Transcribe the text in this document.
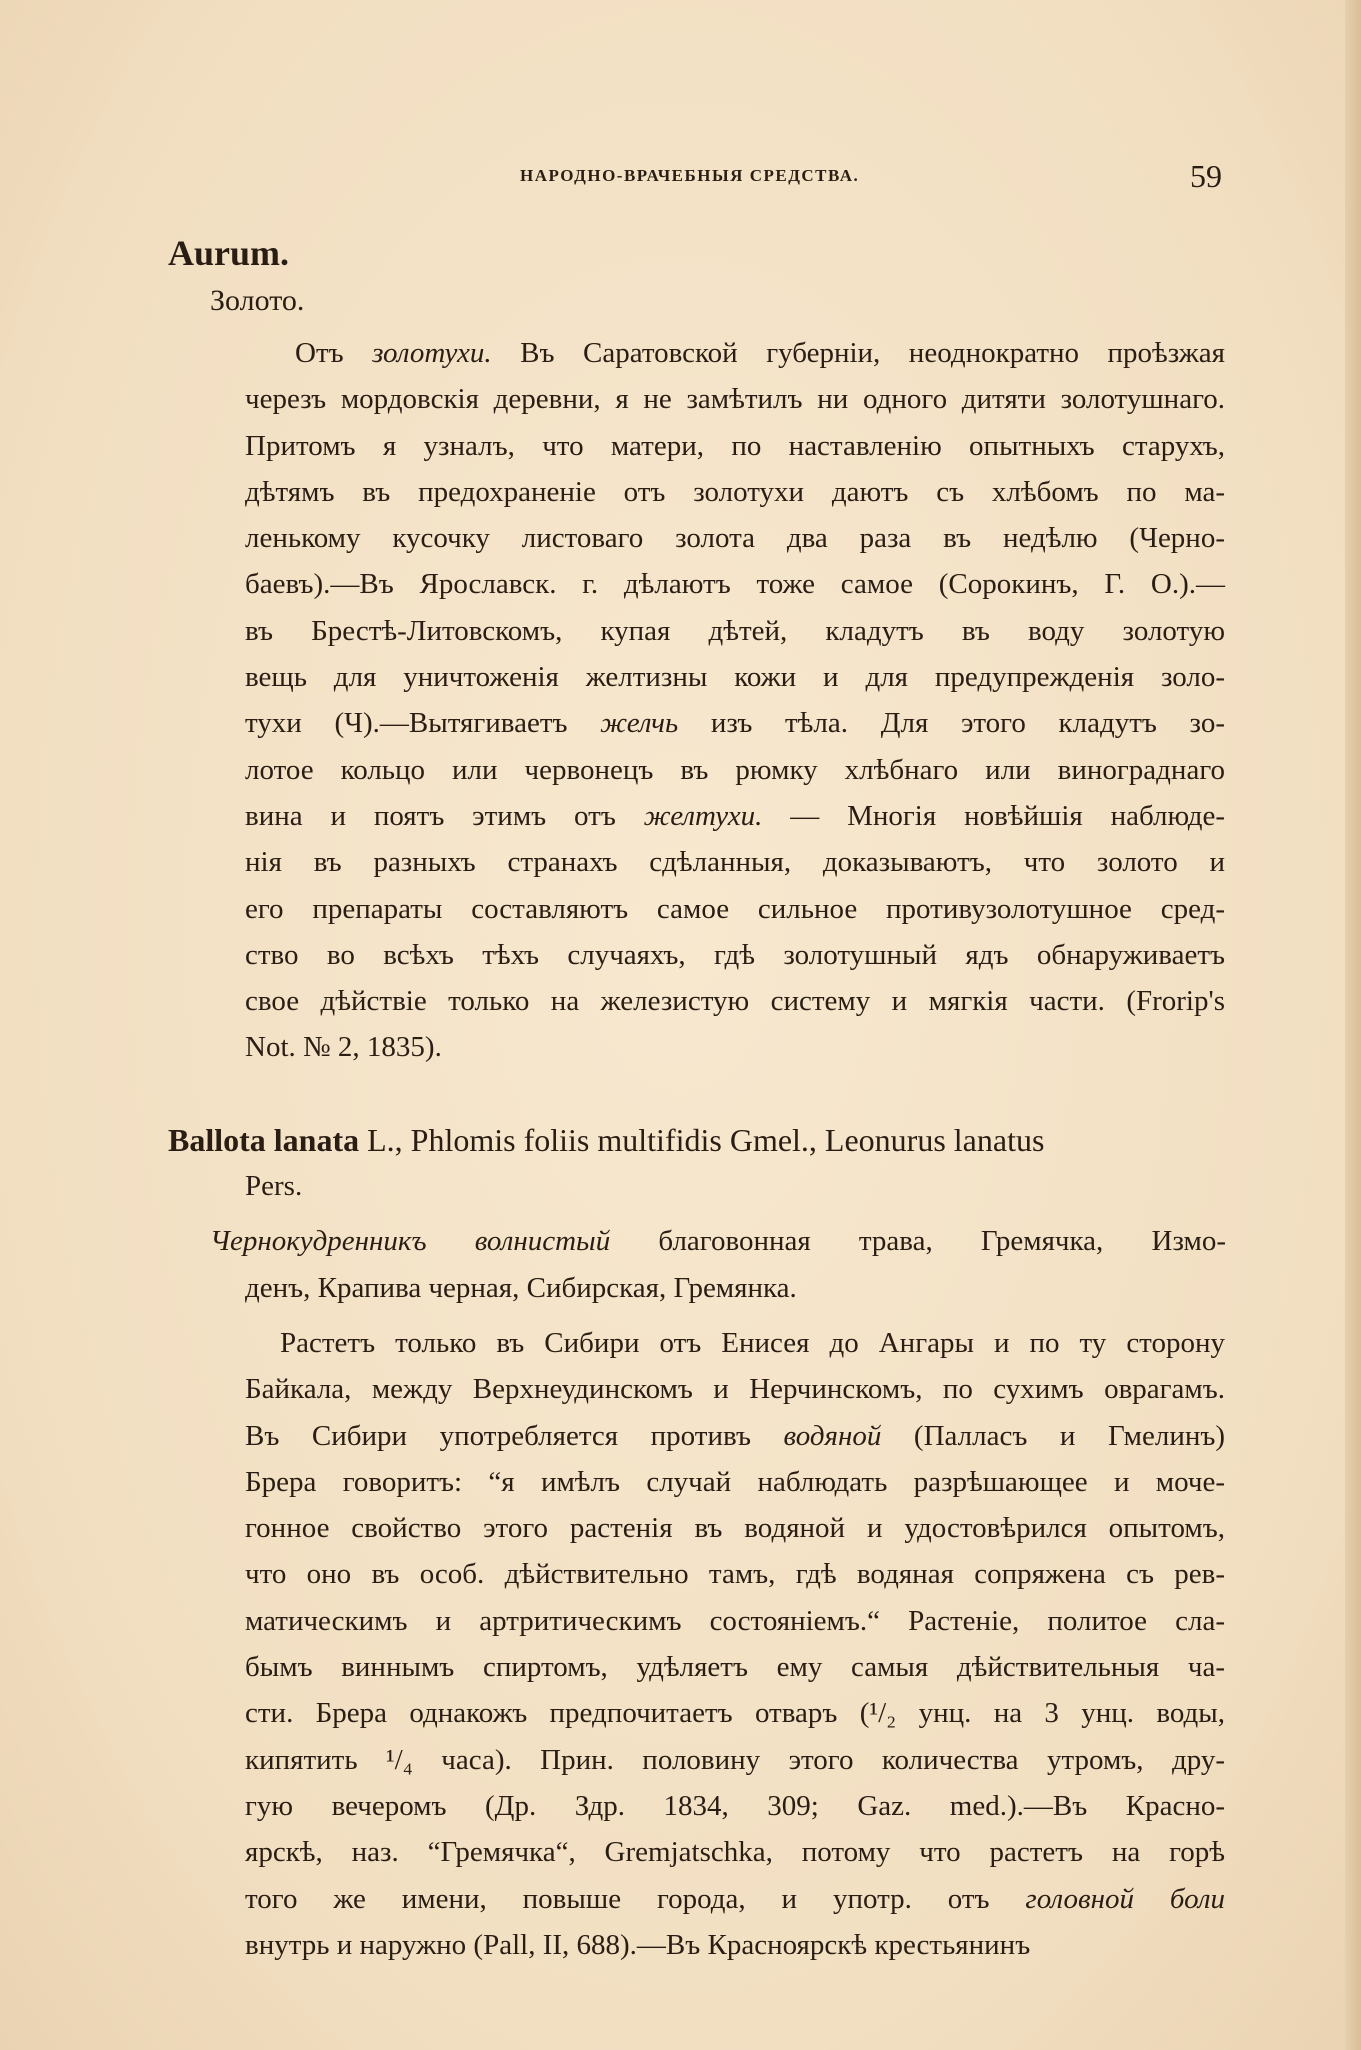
НАРОДНО-ВРАЧЕБНЫЯ СРЕДСТВА.	59
Aurum.
Золото.
Отъ золотухи. Въ Саратовской губерніи, неоднократно проѣзжая
черезъ мордовскія деревни, я не замѣтилъ ни одного дитяти золотушнаго.
Притомъ я узналъ, что матери, по наставленію опытныхъ старухъ,
дѣтямъ въ предохраненіе отъ золотухи даютъ съ хлѣбомъ по ма-
ленькому кусочку листоваго золота два раза въ недѣлю (Черно-
баевъ).—Въ Ярославск. г. дѣлаютъ тоже самое (Сорокинъ, Г. О.).—
въ Брестѣ-Литовскомъ, купая дѣтей, кладутъ въ воду золотую
вещь для уничтоженія желтизны кожи и для предупрежденія золо-
тухи (Ч).—Вытягиваетъ желчь изъ тѣла. Для этого кладутъ зо-
лотое кольцо или червонецъ въ рюмку хлѣбнаго или винограднаго
вина и поятъ этимъ отъ желтухи. — Многія новѣйшія наблюде-
нія въ разныхъ странахъ сдѣланныя, доказываютъ, что золото и
его препараты составляютъ самое сильное противузолотушное сред-
ство во всѣхъ тѣхъ случаяхъ, гдѣ золотушный ядъ обнаруживаетъ
свое дѣйствіе только на железистую систему и мягкія части. (Frorip's
Not. № 2, 1835).
Ballota lanata L., Phlomis foliis multifidis Gmel., Leonurus lanatus
Pers.
Чернокудренникъ волнистый благовонная трава, Гремячка, Измо-
денъ, Крапива черная, Сибирская, Гремянка.
Растетъ только въ Сибири отъ Енисея до Ангары и по ту сторону
Байкала, между Верхнеудинскомъ и Нерчинскомъ, по сухимъ оврагамъ.
Въ Сибири употребляется противъ водяной (Палласъ и Гмелинъ)
Брера говоритъ: “я имѣлъ случай наблюдать разрѣшающее и моче-
гонное свойство этого растенія въ водяной и удостовѣрился опытомъ,
что оно въ особ. дѣйствительно тамъ, гдѣ водяная сопряжена съ рев-
матическимъ и артритическимъ состояніемъ.“ Растеніе, политое сла-
бымъ виннымъ спиртомъ, удѣляетъ ему самыя дѣйствительныя ча-
сти. Брера однакожъ предпочитаетъ отваръ (¹/₂ унц. на 3 унц. воды,
кипятить ¹/₄ часа). Прин. половину этого количества утромъ, дру-
гую вечеромъ (Др. Здр. 1834, 309; Gaz. med.).—Въ Красно-
ярскѣ, наз. “Гремячка“, Gremjatschka, потому что растетъ на горѣ
того же имени, повыше города, и употр. отъ головной боли
внутрь и наружно (Pall, II, 688).—Въ Красноярскѣ крестьянинъ
